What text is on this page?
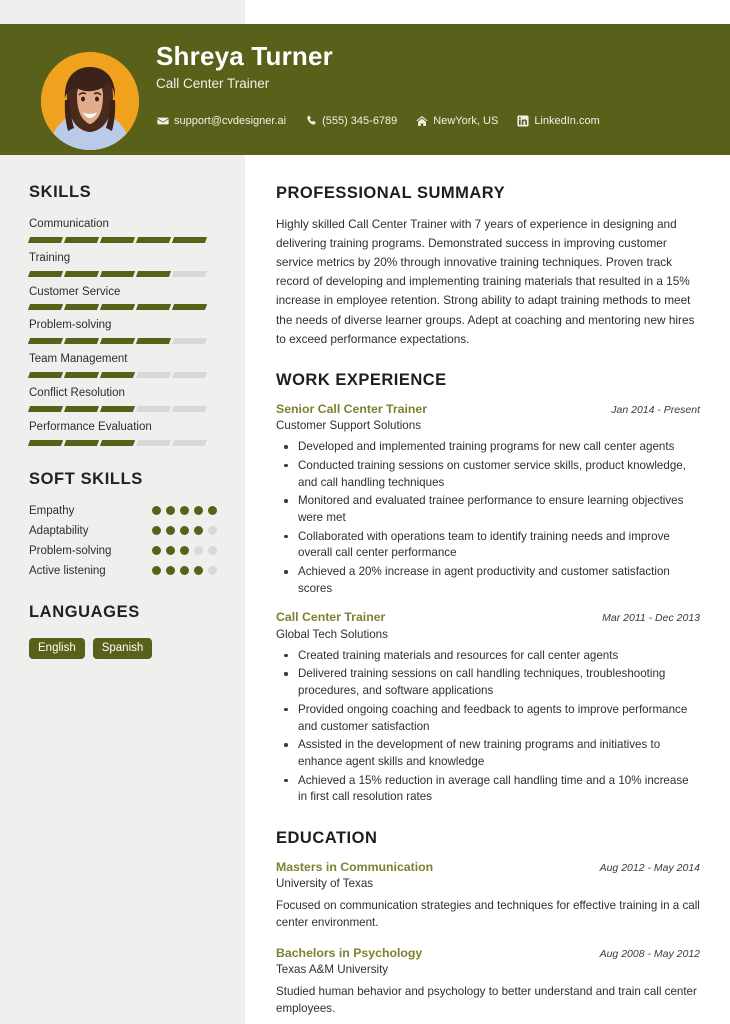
Shreya Turner
Call Center Trainer
support@cvdesigner.ai	(555) 345-6789	NewYork, US	LinkedIn.com
SKILLS
Communication
Training
Customer Service
Problem-solving
Team Management
Conflict Resolution
Performance Evaluation
SOFT SKILLS
Empathy
Adaptability
Problem-solving
Active listening
LANGUAGES
English	Spanish
PROFESSIONAL SUMMARY
Highly skilled Call Center Trainer with 7 years of experience in designing and delivering training programs. Demonstrated success in improving customer service metrics by 20% through innovative training techniques. Proven track record of developing and implementing training materials that resulted in a 15% increase in employee retention. Strong ability to adapt training methods to meet the needs of diverse learner groups. Adept at coaching and mentoring new hires to exceed performance expectations.
WORK EXPERIENCE
Senior Call Center Trainer	Jan 2014 - Present
Customer Support Solutions
Developed and implemented training programs for new call center agents
Conducted training sessions on customer service skills, product knowledge, and call handling techniques
Monitored and evaluated trainee performance to ensure learning objectives were met
Collaborated with operations team to identify training needs and improve overall call center performance
Achieved a 20% increase in agent productivity and customer satisfaction scores
Call Center Trainer	Mar 2011 - Dec 2013
Global Tech Solutions
Created training materials and resources for call center agents
Delivered training sessions on call handling techniques, troubleshooting procedures, and software applications
Provided ongoing coaching and feedback to agents to improve performance and customer satisfaction
Assisted in the development of new training programs and initiatives to enhance agent skills and knowledge
Achieved a 15% reduction in average call handling time and a 10% increase in first call resolution rates
EDUCATION
Masters in Communication	Aug 2012 - May 2014
University of Texas
Focused on communication strategies and techniques for effective training in a call center environment.
Bachelors in Psychology	Aug 2008 - May 2012
Texas A&M University
Studied human behavior and psychology to better understand and train call center employees.
